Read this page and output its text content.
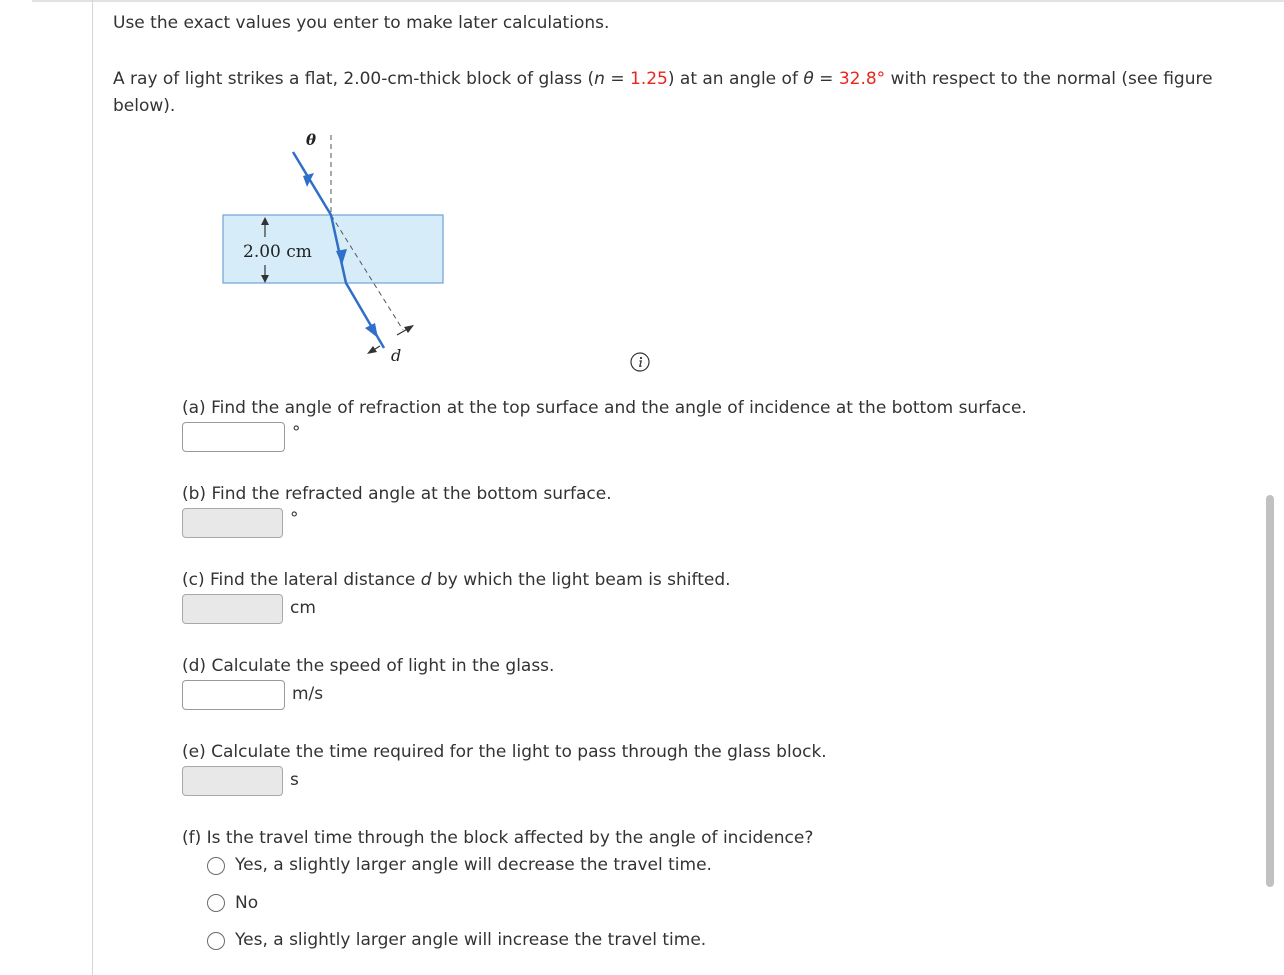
Use the exact values you enter to make later calculations.
A ray of light strikes a flat, 2.00-cm-thick block of glass (n = 1.25) at an angle of θ = 32.8° with respect to the normal (see figure below).
2.00 cm
θ
d
(a) Find the angle of refraction at the top surface and the angle of incidence at the bottom surface.
°
(b) Find the refracted angle at the bottom surface.
°
(c) Find the lateral distance d by which the light beam is shifted.
cm
(d) Calculate the speed of light in the glass.
m/s
(e) Calculate the time required for the light to pass through the glass block.
s
(f) Is the travel time through the block affected by the angle of incidence?
Yes, a slightly larger angle will decrease the travel time.
No
Yes, a slightly larger angle will increase the travel time.
